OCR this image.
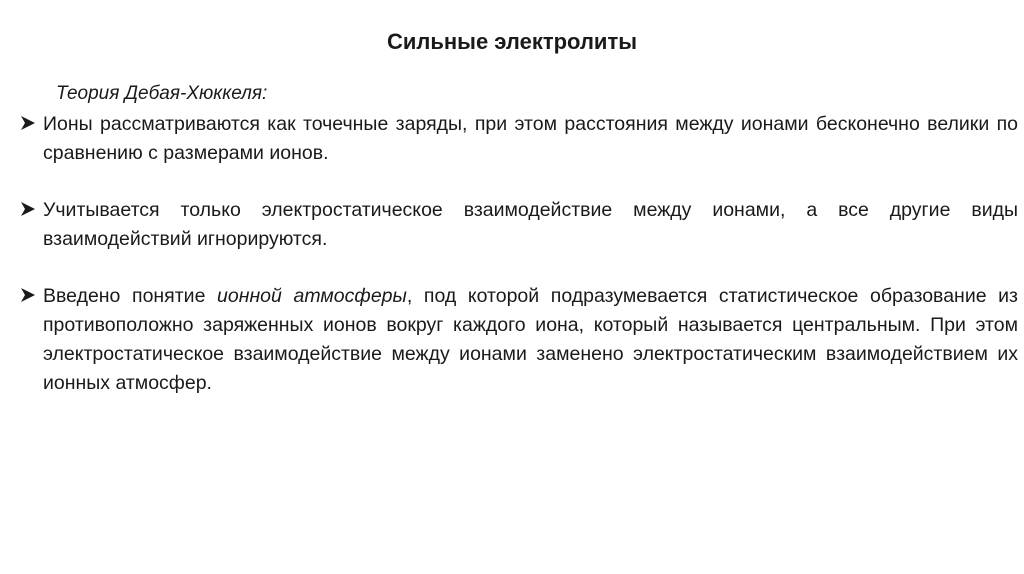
Сильные электролиты
Теория Дебая-Хюккеля:

Ионы рассматриваются как точечные заряды, при этом расстояния между ионами бесконечно велики по сравнению с размерами ионов.

Учитывается только электростатическое взаимодействие между ионами, а все другие виды взаимодействий игнорируются.

Введено понятие ионной атмосферы, под которой подразумевается статистическое образование из противоположно заряженных ионов вокруг каждого иона, который называется центральным. При этом электростатическое взаимодействие между ионами заменено электростатическим взаимодействием их ионных атмосфер.
